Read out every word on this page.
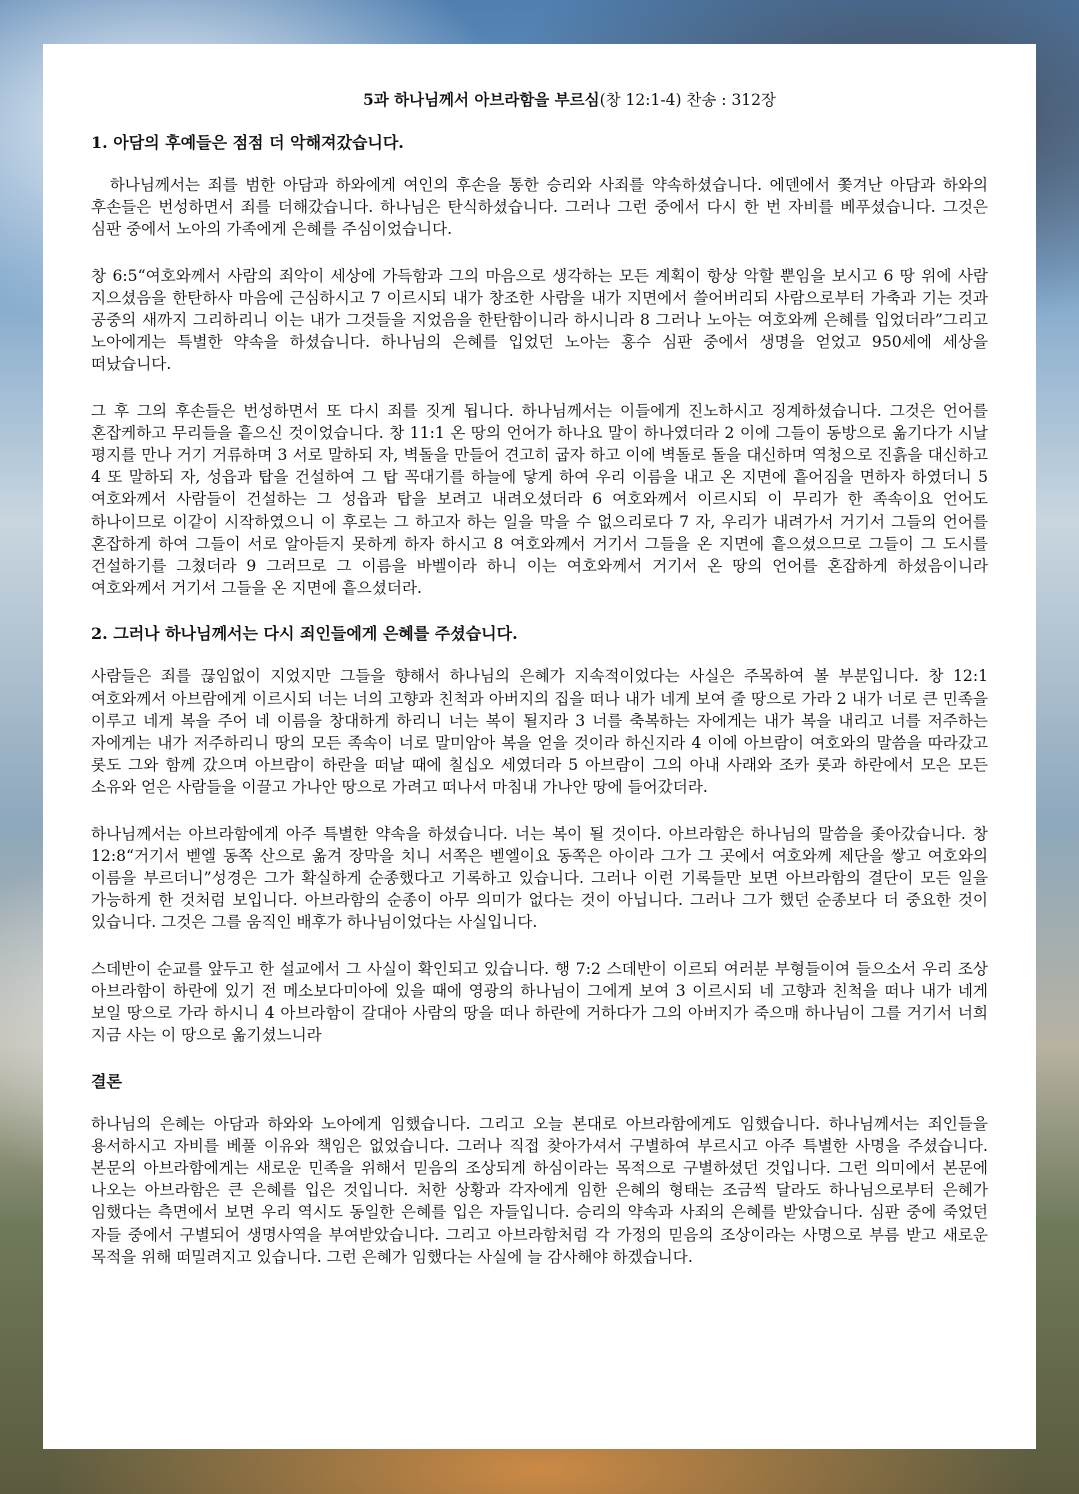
5과 하나님께서 아브라함을 부르심(창 12:1-4) 찬송 : 312장
1. 아담의 후예들은 점점 더 악해져갔습니다.

하나님께서는 죄를 범한 아담과 하와에게 여인의 후손을 통한 승리와 사죄를 약속하셨습니다. 에덴에서 쫓겨난 아담과 하와의 후손들은 번성하면서 죄를 더해갔습니다. 하나님은 탄식하셨습니다. 그러나 그런 중에서 다시 한 번 자비를 베푸셨습니다. 그것은 심판 중에서 노아의 가족에게 은혜를 주심이었습니다.

창 6:5“여호와께서 사람의 죄악이 세상에 가득함과 그의 마음으로 생각하는 모든 계획이 항상 악할 뿐임을 보시고 6 땅 위에 사람 지으셨음을 한탄하사 마음에 근심하시고 7 이르시되 내가 창조한 사람을 내가 지면에서 쓸어버리되 사람으로부터 가축과 기는 것과 공중의 새까지 그리하리니 이는 내가 그것들을 지었음을 한탄함이니라 하시니라 8 그러나 노아는 여호와께 은혜를 입었더라”그리고 노아에게는 특별한 약속을 하셨습니다. 하나님의 은혜를 입었던 노아는 홍수 심판 중에서 생명을 얻었고 950세에 세상을 떠났습니다.

그 후 그의 후손들은 번성하면서 또 다시 죄를 짓게 됩니다. 하나님께서는 이들에게 진노하시고 징계하셨습니다. 그것은 언어를 혼잡케하고 무리들을 흩으신 것이었습니다. 창 11:1 온 땅의 언어가 하나요 말이 하나였더라 2 이에 그들이 동방으로 옮기다가 시날 평지를 만나 거기 거류하며 3 서로 말하되 자, 벽돌을 만들어 견고히 굽자 하고 이에 벽돌로 돌을 대신하며 역청으로 진흙을 대신하고 4 또 말하되 자, 성읍과 탑을 건설하여 그 탑 꼭대기를 하늘에 닿게 하여 우리 이름을 내고 온 지면에 흩어짐을 면하자 하였더니 5 여호와께서 사람들이 건설하는 그 성읍과 탑을 보려고 내려오셨더라 6 여호와께서 이르시되 이 무리가 한 족속이요 언어도 하나이므로 이같이 시작하였으니 이 후로는 그 하고자 하는 일을 막을 수 없으리로다 7 자, 우리가 내려가서 거기서 그들의 언어를 혼잡하게 하여 그들이 서로 알아듣지 못하게 하자 하시고 8 여호와께서 거기서 그들을 온 지면에 흩으셨으므로 그들이 그 도시를 건설하기를 그쳤더라 9 그러므로 그 이름을 바벨이라 하니 이는 여호와께서 거기서 온 땅의 언어를 혼잡하게 하셨음이니라 여호와께서 거기서 그들을 온 지면에 흩으셨더라.

2. 그러나 하나님께서는 다시 죄인들에게 은혜를 주셨습니다.

사람들은 죄를 끊임없이 지었지만 그들을 향해서 하나님의 은혜가 지속적이었다는 사실은 주목하여 볼 부분입니다. 창 12:1 여호와께서 아브람에게 이르시되 너는 너의 고향과 친척과 아버지의 집을 떠나 내가 네게 보여 줄 땅으로 가라 2 내가 너로 큰 민족을 이루고 네게 복을 주어 네 이름을 창대하게 하리니 너는 복이 될지라 3 너를 축복하는 자에게는 내가 복을 내리고 너를 저주하는 자에게는 내가 저주하리니 땅의 모든 족속이 너로 말미암아 복을 얻을 것이라 하신지라 4 이에 아브람이 여호와의 말씀을 따라갔고 롯도 그와 함께 갔으며 아브람이 하란을 떠날 때에 칠십오 세였더라 5 아브람이 그의 아내 사래와 조카 롯과 하란에서 모은 모든 소유와 얻은 사람들을 이끌고 가나안 땅으로 가려고 떠나서 마침내 가나안 땅에 들어갔더라.

하나님께서는 아브라함에게 아주 특별한 약속을 하셨습니다. 너는 복이 될 것이다. 아브라함은 하나님의 말씀을 좇아갔습니다. 창 12:8“거기서 벧엘 동쪽 산으로 옮겨 장막을 치니 서쪽은 벧엘이요 동쪽은 아이라 그가 그 곳에서 여호와께 제단을 쌓고 여호와의 이름을 부르더니”성경은 그가 확실하게 순종했다고 기록하고 있습니다. 그러나 이런 기록들만 보면 아브라함의 결단이 모든 일을 가능하게 한 것처럼 보입니다. 아브라함의 순종이 아무 의미가 없다는 것이 아닙니다. 그러나 그가 했던 순종보다 더 중요한 것이 있습니다. 그것은 그를 움직인 배후가 하나님이었다는 사실입니다.

스데반이 순교를 앞두고 한 설교에서 그 사실이 확인되고 있습니다. 행 7:2 스데반이 이르되 여러분 부형들이여 들으소서 우리 조상 아브라함이 하란에 있기 전 메소보다미아에 있을 때에 영광의 하나님이 그에게 보여 3 이르시되 네 고향과 친척을 떠나 내가 네게 보일 땅으로 가라 하시니 4 아브라함이 갈대아 사람의 땅을 떠나 하란에 거하다가 그의 아버지가 죽으매 하나님이 그를 거기서 너희 지금 사는 이 땅으로 옮기셨느니라

결론

하나님의 은혜는 아담과 하와와 노아에게 임했습니다. 그리고 오늘 본대로 아브라함에게도 임했습니다. 하나님께서는 죄인들을 용서하시고 자비를 베풀 이유와 책임은 없었습니다. 그러나 직접 찾아가셔서 구별하여 부르시고 아주 특별한 사명을 주셨습니다. 본문의 아브라함에게는 새로운 민족을 위해서 믿음의 조상되게 하심이라는 목적으로 구별하셨던 것입니다. 그런 의미에서 본문에 나오는 아브라함은 큰 은혜를 입은 것입니다. 처한 상황과 각자에게 임한 은혜의 형태는 조금씩 달라도 하나님으로부터 은혜가 임했다는 측면에서 보면 우리 역시도 동일한 은혜를 입은 자들입니다. 승리의 약속과 사죄의 은혜를 받았습니다. 심판 중에 죽었던 자들 중에서 구별되어 생명사역을 부여받았습니다. 그리고 아브라함처럼 각 가정의 믿음의 조상이라는 사명으로 부름 받고 새로운 목적을 위해 떠밀려지고 있습니다. 그런 은혜가 임했다는 사실에 늘 감사해야 하겠습니다.
